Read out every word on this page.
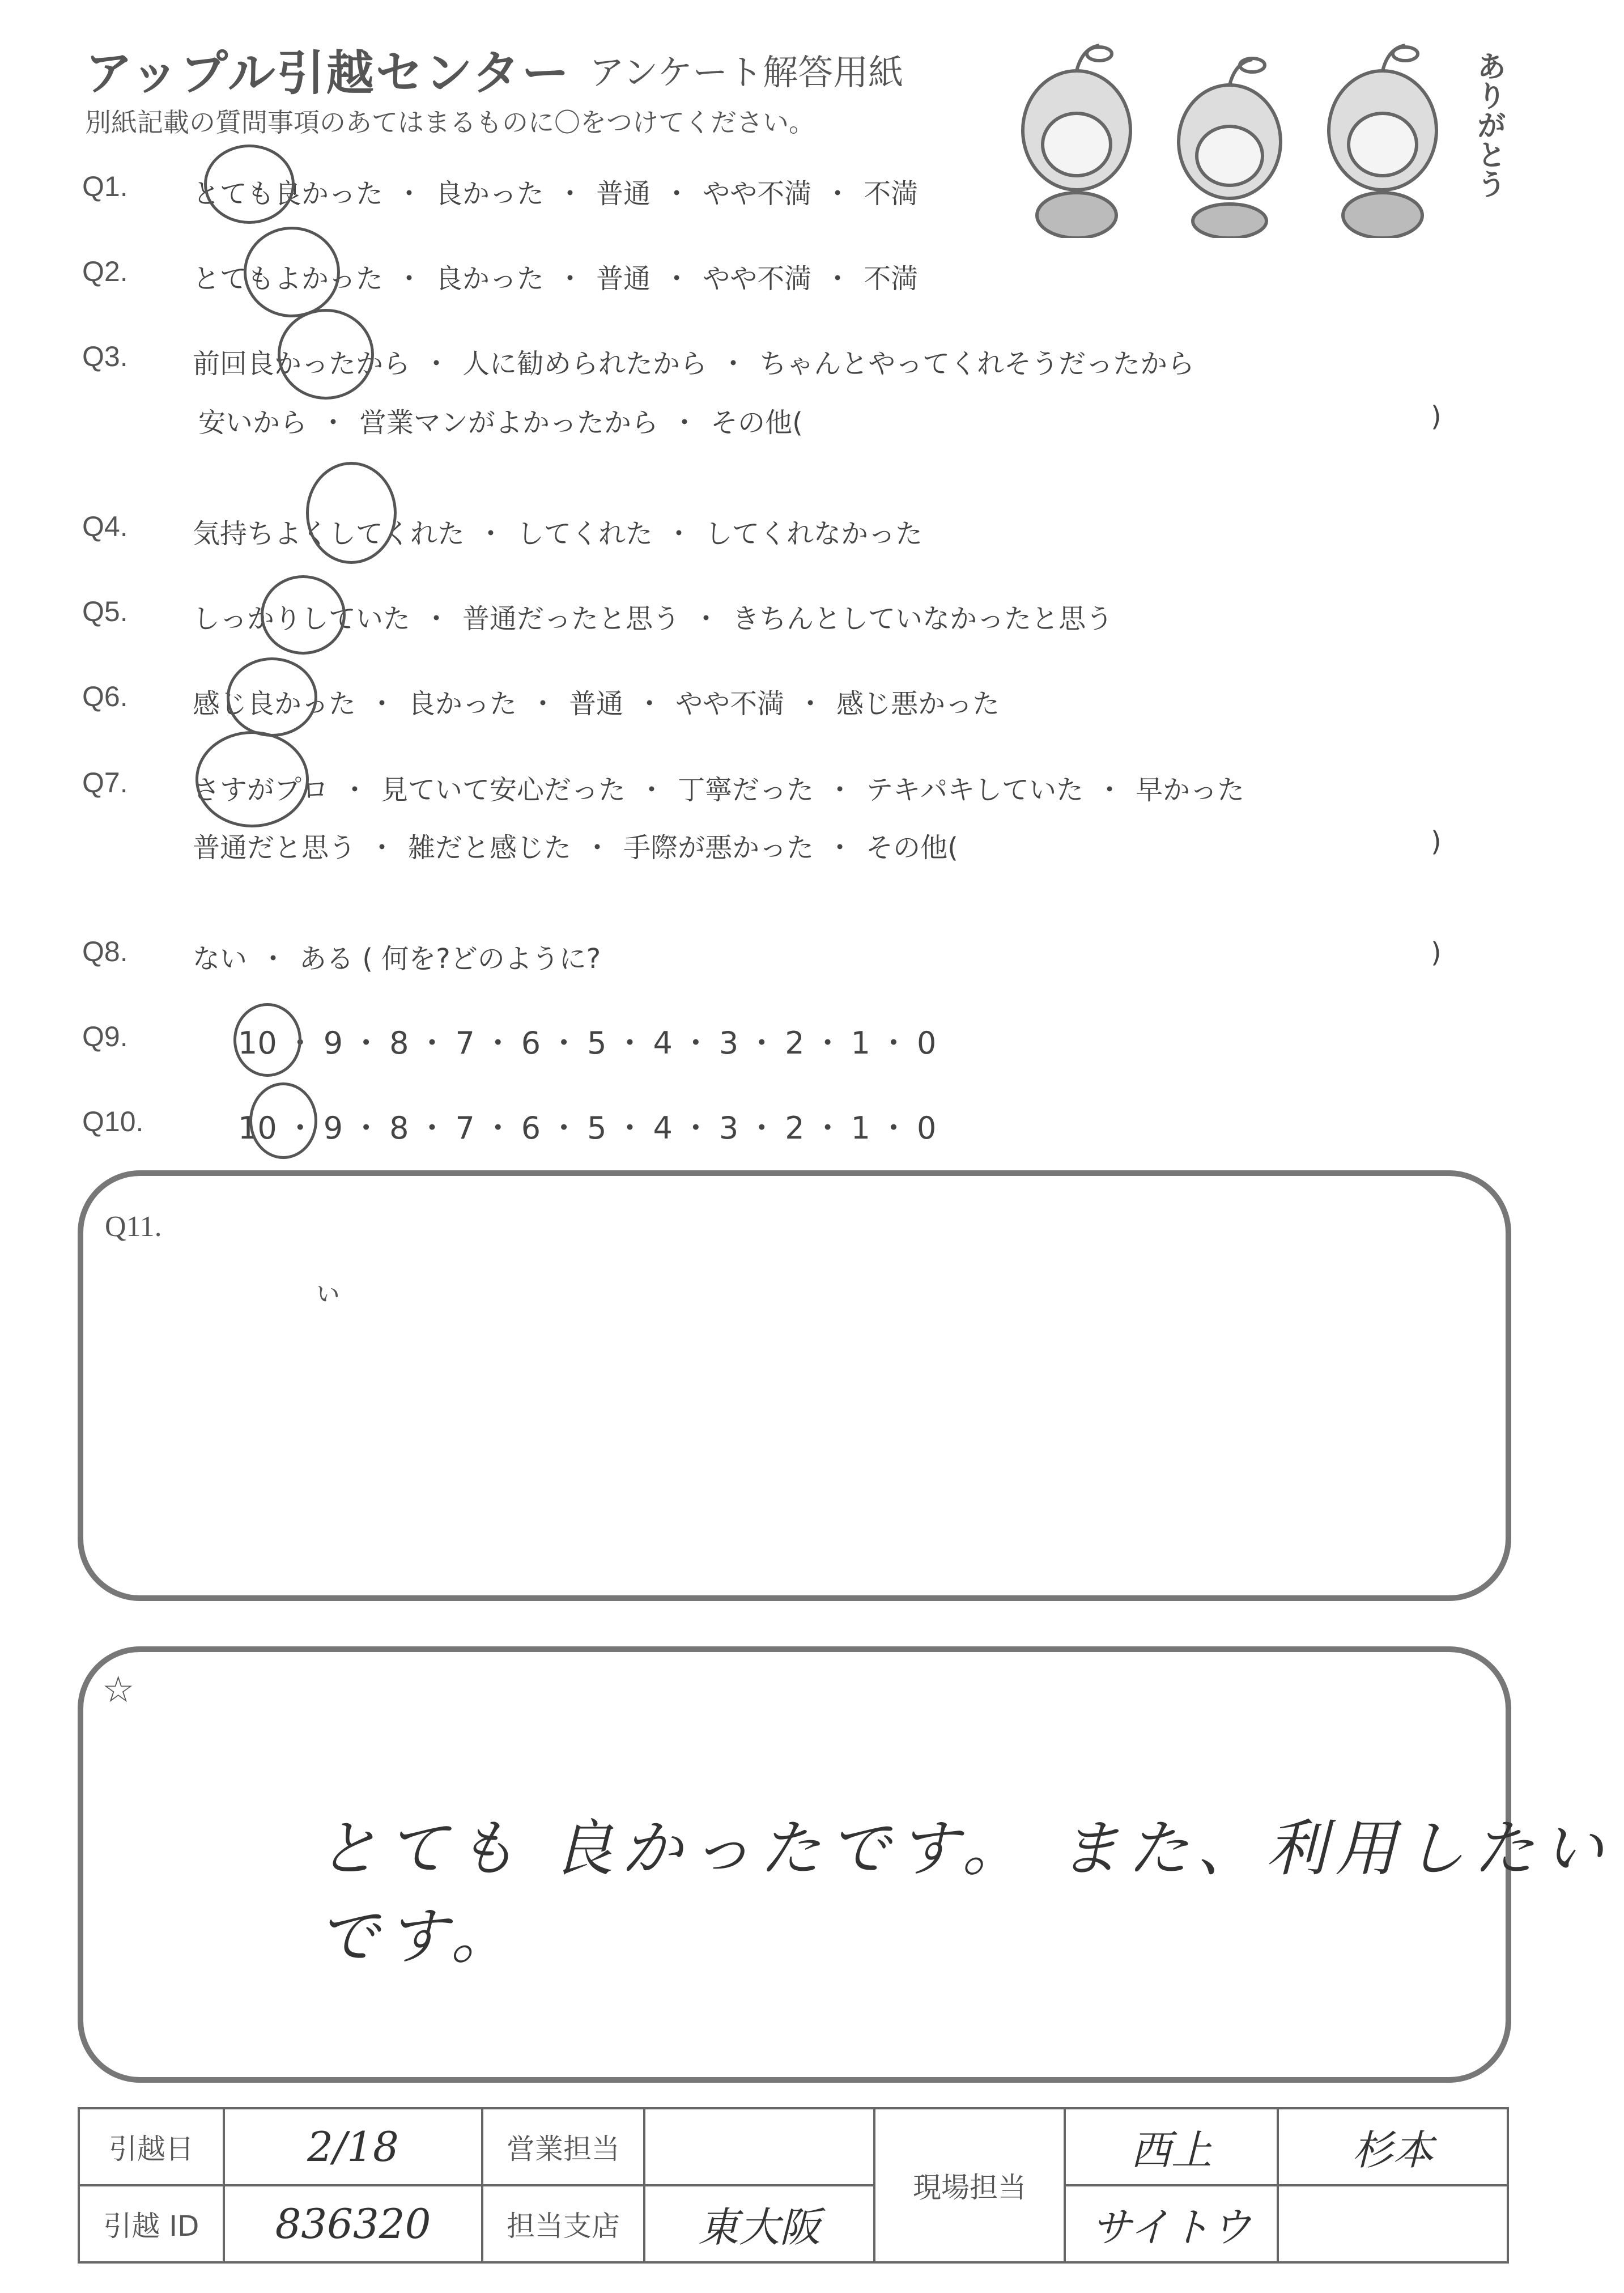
アップル引越センター アンケート解答用紙
別紙記載の質問事項のあてはまるものに〇をつけてください。	ありがとう
Q1. とても良かった ・ 良かった ・ 普通 ・ やや不満 ・ 不満
Q2. とてもよかった ・ 良かった ・ 普通 ・ やや不満 ・ 不満
Q3. 前回良かったから ・ 人に勧められたから ・ ちゃんとやってくれそうだったから
安いから ・ 営業マンがよかったから ・ その他(	)
Q4. 気持ちよくしてくれた ・ してくれた ・ してくれなかった
Q5. しっかりしていた ・ 普通だったと思う ・ きちんとしていなかったと思う
Q6. 感じ良かった ・ 良かった ・ 普通 ・ やや不満 ・ 感じ悪かった
Q7. さすがプロ ・ 見ていて安心だった ・ 丁寧だった ・ テキパキしていた ・ 早かった
普通だと思う ・ 雑だと感じた ・ 手際が悪かった ・ その他(	)
Q8. ない ・ ある ( 何を?どのように?	)
Q9.	10 ・ 9 ・ 8 ・ 7 ・ 6 ・ 5 ・ 4 ・ 3 ・ 2 ・ 1 ・ 0
Q10.	10 ・ 9 ・ 8 ・ 7 ・ 6 ・ 5 ・ 4 ・ 3 ・ 2 ・ 1 ・ 0
Q11.
ぃ
☆
とても 良かったです。 また、利用したいです。
引越日	2/18	営業担当		現場担当	西上	杉本
引越 ID	836320	担当支店	東大阪		サイトウ	
